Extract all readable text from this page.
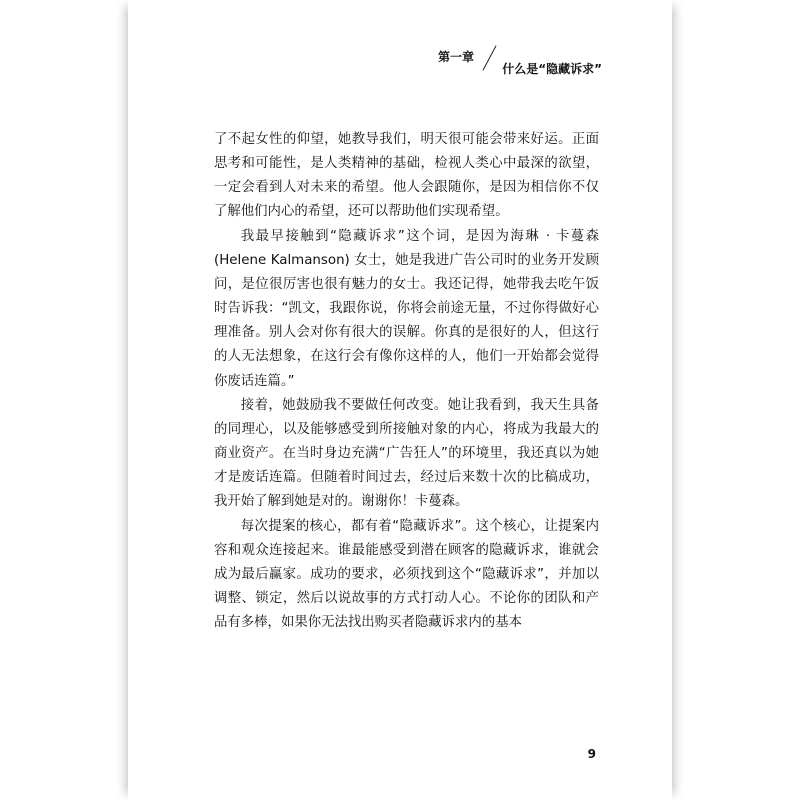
第一章
什么是“隐藏诉求”

了不起女性的仰望，她教导我们，明天很可能会带来好运。正面思考和可能性，是人类精神的基础，检视人类心中最深的欲望，一定会看到人对未来的希望。他人会跟随你，是因为相信你不仅了解他们内心的希望，还可以帮助他们实现希望。

我最早接触到“隐藏诉求”这个词，是因为海琳 · 卡蔓森(Helene Kalmanson) 女士，她是我进广告公司时的业务开发顾问，是位很厉害也很有魅力的女士。我还记得，她带我去吃午饭时告诉我：“凯文，我跟你说，你将会前途无量，不过你得做好心理准备。别人会对你有很大的误解。你真的是很好的人，但这行的人无法想象，在这行会有像你这样的人，他们一开始都会觉得你废话连篇。”

接着，她鼓励我不要做任何改变。她让我看到，我天生具备的同理心，以及能够感受到所接触对象的内心，将成为我最大的商业资产。在当时身边充满“广告狂人”的环境里，我还真以为她才是废话连篇。但随着时间过去，经过后来数十次的比稿成功，我开始了解到她是对的。谢谢你！卡蔓森。

每次提案的核心，都有着“隐藏诉求”。这个核心，让提案内容和观众连接起来。谁最能感受到潜在顾客的隐藏诉求，谁就会成为最后赢家。成功的要求，必须找到这个“隐藏诉求”，并加以调整、锁定，然后以说故事的方式打动人心。不论你的团队和产品有多棒，如果你无法找出购买者隐藏诉求内的基本

9
